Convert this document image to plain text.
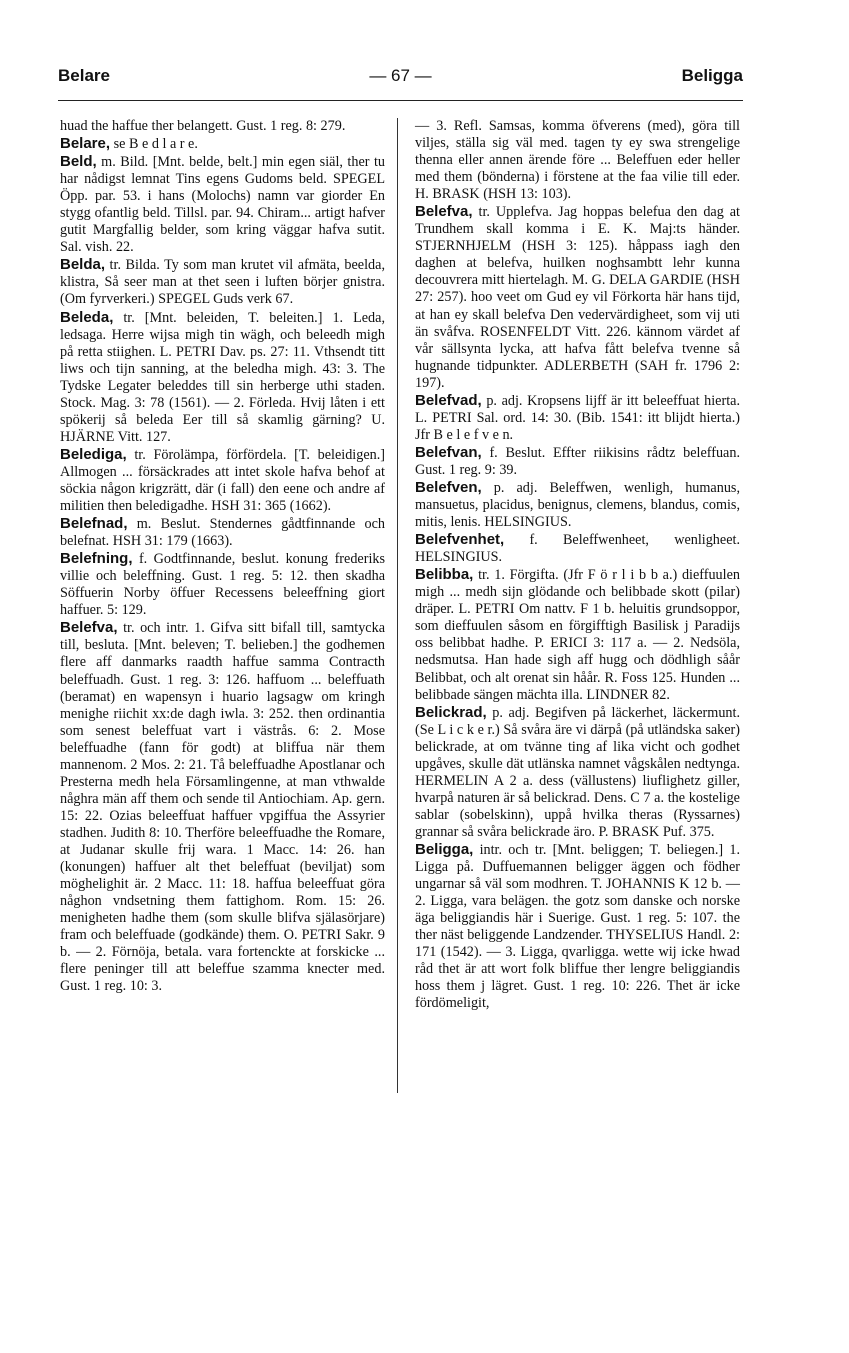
Belare	— 67 —	Beligga

huad the haffue ther belangett. Gust. 1 reg. 8: 279.

Belare, se B e d l a r e.

Beld, m. Bild. [Mnt. belde, belt.] min egen siäl, ther tu har nådigst lemnat Tins egens Gudoms beld. SPEGEL Öpp. par. 53. i hans (Molochs) namn var giorder En stygg ofantlig beld. Tillsl. par. 94. Chiram... artigt hafver gutit Margfallig belder, som kring väggar hafva sutit. Sal. vish. 22.

Belda, tr. Bilda. Ty som man krutet vil afmäta, beelda, klistra, Så seer man at thet seen i luften börjer gnistra. (Om fyrverkeri.) SPEGEL Guds verk 67.

Beleda, tr. [Mnt. beleiden, T. beleiten.] 1. Leda, ledsaga. Herre wijsa migh tin wägh, och beleedh migh på retta stiighen. L. PETRI Dav. ps. 27: 11. Vthsendt titt liws och tijn sanning, at the beledha migh. 43: 3. The Tydske Legater beleddes till sin herberge uthi staden. Stock. Mag. 3: 78 (1561). — 2. Förleda. Hvij låten i ett spökerij så beleda Eer till så skamlig gärning? U. HJÄRNE Vitt. 127.

Belediga, tr. Förolämpa, förfördela. [T. beleidigen.] Allmogen ... försäckrades att intet skole hafva behof at söckia någon krigzrätt, där (i fall) den eene och andre af militien then beledigadhe. HSH 31: 365 (1662).

Belefnad, m. Beslut. Stendernes gådtfinnande och belefnat. HSH 31: 179 (1663).

Belefning, f. Godtfinnande, beslut. konung frederiks villie och beleffning. Gust. 1 reg. 5: 12. then skadha Söffuerin Norby öffuer Recessens beleeffning giort haffuer. 5: 129.

Belefva, tr. och intr. 1. Gifva sitt bifall till, samtycka till, besluta. [Mnt. beleven; T. belieben.] the godhemen flere aff danmarks raadth haffue samma Contracth beleffuadh. Gust. 1 reg. 3: 126. haffuom ... beleffuath (beramat) en wapensyn i huario lagsagw om kringh menighe riichit xx:de dagh iwla. 3: 252. then ordinantia som senest beleffuat vart i västrås. 6: 2. Mose beleffuadhe (fann för godt) at bliffua när them mannenom. 2 Mos. 2: 21. Tå beleffuadhe Apostlanar och Presterna medh hela Församlingenne, at man vthwalde någhra män aff them och sende til Antiochiam. Ap. gern. 15: 22. Ozias beleeffuat haffuer vpgiffua the Assyrier stadhen. Judith 8: 10. Therföre beleeffuadhe the Romare, at Judanar skulle frij wara. 1 Macc. 14: 26. han (konungen) haffuer alt thet beleffuat (beviljat) som möghelighit är. 2 Macc. 11: 18. haffua beleeffuat göra någhon vndsetning them fattighom. Rom. 15: 26. menigheten hadhe them (som skulle blifva själasörjare) fram och beleffuade (godkände) them. O. PETRI Sakr. 9 b. — 2. Förnöja, betala. vara fortenckte at forskicke ... flere peninger till att beleffue szamma knecter med. Gust. 1 reg. 10: 3.

— 3. Refl. Samsas, komma öfverens (med), göra till viljes, ställa sig väl med. tagen ty ey swa strengelige thenna eller annen ärende före ... Beleffuen eder heller med them (bönderna) i förstene at the faa vilie till eder. H. BRASK (HSH 13: 103).

Belefva, tr. Upplefva. Jag hoppas belefua den dag at Trundhem skall komma i E. K. Maj:ts händer. STJERNHJELM (HSH 3: 125). håppass iagh den daghen at belefva, huilken noghsambtt lehr kunna decouvrera mitt hiertelagh. M. G. DELA GARDIE (HSH 27: 257). hoo veet om Gud ey vil Förkorta här hans tijd, at han ey skall belefva Den vedervärdigheet, som vij uti än svåfva. ROSENFELDT Vitt. 226. kännom värdet af vår sällsynta lycka, att hafva fått belefva tvenne så hugnande tidpunkter. ADLERBETH (SAH fr. 1796 2: 197).

Belefvad, p. adj. Kropsens lijff är itt beleeffuat hierta. L. PETRI Sal. ord. 14: 30. (Bib. 1541: itt blijdt hierta.) Jfr B e l e f v e n.

Belefvan, f. Beslut. Effter riikisins rådtz beleffuan. Gust. 1 reg. 9: 39.

Belefven, p. adj. Beleffwen, wenligh, humanus, mansuetus, placidus, benignus, clemens, blandus, comis, mitis, lenis. HELSINGIUS.

Belefvenhet, f. Beleffwenheet, wenligheet. HELSINGIUS.

Belibba, tr. 1. Förgifta. (Jfr F ö r l i b b a.) dieffuulen migh ... medh sijn glödande och belibbade skott (pilar) dräper. L. PETRI Om nattv. F 1 b. heluitis grundsoppor, som dieffuulen såsom en förgifftigh Basilisk j Paradijs oss belibbat hadhe. P. ERICI 3: 117 a. — 2. Nedsöla, nedsmutsa. Han hade sigh aff hugg och dödhligh såår Belibbat, och alt orenat sin håår. R. Foss 125. Hunden ... belibbade sängen mächta illa. LINDNER 82.

Belickrad, p. adj. Begifven på läckerhet, läckermunt. (Se L i c k e r.) Så svåra äre vi därpå (på utländska saker) belickrade, at om tvänne ting af lika vicht och godhet upgåves, skulle dät utlänska namnet vågskålen nedtynga. HERMELIN A 2 a. dess (vällustens) liuflighetz giller, hvarpå naturen är så belickrad. Dens. C 7 a. the kostelige sablar (sobelskinn), uppå hvilka theras (Ryssarnes) grannar så svåra belickrade äro. P. BRASK Puf. 375.

Beligga, intr. och tr. [Mnt. beliggen; T. beliegen.] 1. Ligga på. Duffuemannen beligger äggen och födher ungarnar så väl som modhren. T. JOHANNIS K 12 b. — 2. Ligga, vara belägen. the gotz som danske och norske äga beliggiandis här i Suerige. Gust. 1 reg. 5: 107. the ther näst beliggende Landzender. THYSELIUS Handl. 2: 171 (1542). — 3. Ligga, qvarligga. wette wij icke hwad råd thet är att wort folk bliffue ther lengre beliggiandis hoss them j lägret. Gust. 1 reg. 10: 226. Thet är icke fördömeligit,
